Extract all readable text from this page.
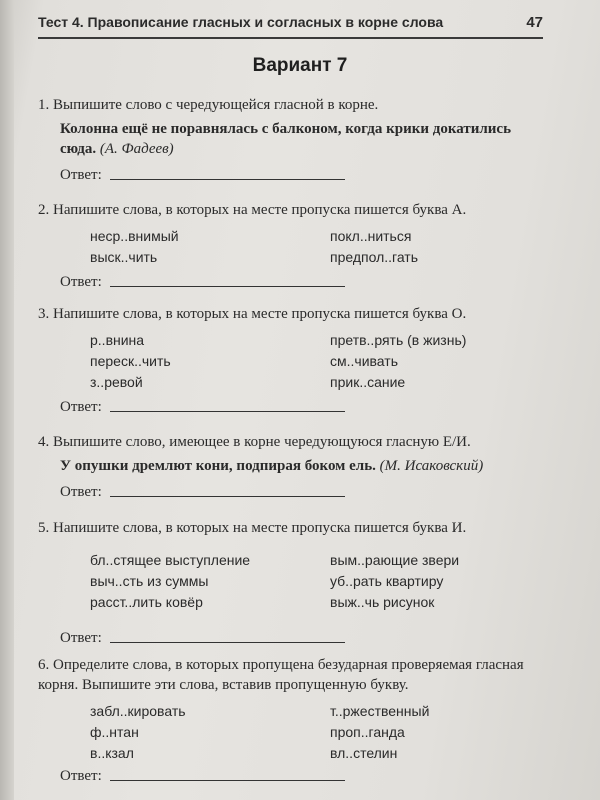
Тест 4. Правописание гласных и согласных в корне слова	47
Вариант 7

1. Выпишите слово с чередующейся гласной в корне.

Колонна ещё не поравнялась с балконом, когда крики докатились сюда. (А. Фадеев)

Ответ:

2. Напишите слова, в которых на месте пропуска пишется буква А.

неср..внимый	покл..ниться
выск..чить	предпол..гать
Ответ:

3. Напишите слова, в которых на месте пропуска пишется буква О.

р..внина	претв..рять (в жизнь)
переск..чить	см..чивать
з..ревой	прик..сание
Ответ:

4. Выпишите слово, имеющее в корне чередующуюся гласную Е/И.

У опушки дремлют кони, подпирая боком ель. (М. Исаковский)

Ответ:

5. Напишите слова, в которых на месте пропуска пишется буква И.

бл..стящее выступление	вым..рающие звери
выч..сть из суммы	уб..рать квартиру
расст..лить ковёр	выж..чь рисунок
Ответ:

6. Определите слова, в которых пропущена безударная проверяемая гласная корня. Выпишите эти слова, вставив пропущенную букву.

забл..кировать	т..ржественный
ф..нтан	проп..ганда
в..кзал	вл..стелин
Ответ:
